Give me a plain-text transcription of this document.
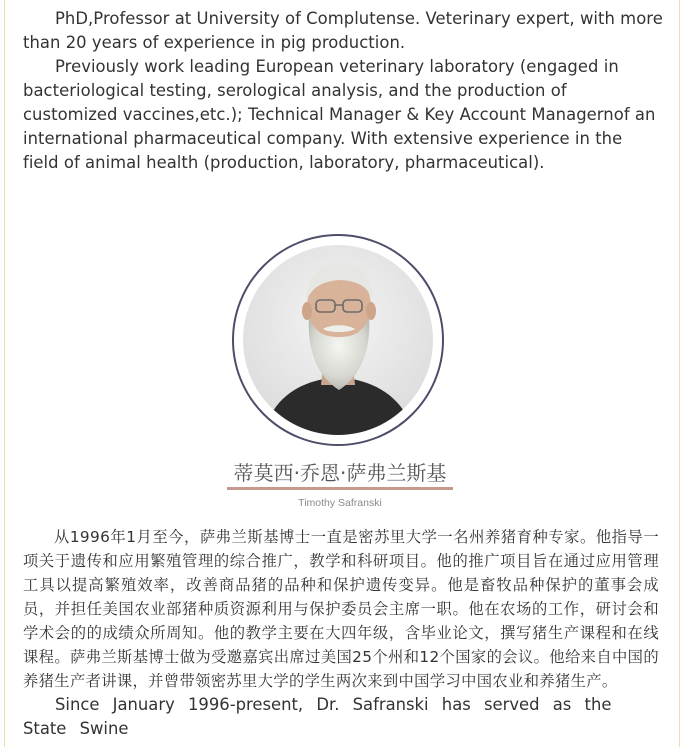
PhD,Professor at University of Complutense. Veterinary expert, with more than 20 years of experience in pig production.

Previously work leading European veterinary laboratory (engaged in bacteriological testing, serological analysis, and the production of customized vaccines,etc.); Technical Manager & Key Account Managernof an international pharmaceutical company. With extensive experience in the field of animal health (production, laboratory, pharmaceutical).

蒂莫西·乔恩·萨弗兰斯基
Timothy Safranski

从1996年1月至今，萨弗兰斯基博士一直是密苏里大学一名州养猪育种专家。他指导一项关于遗传和应用繁殖管理的综合推广，教学和科研项目。他的推广项目旨在通过应用管理工具以提高繁殖效率，改善商品猪的品种和保护遗传变异。他是畜牧品种保护的董事会成员，并担任美国农业部猪种质资源利用与保护委员会主席一职。他在农场的工作，研讨会和学术会的的成绩众所周知。他的教学主要在大四年级，含毕业论文，撰写猪生产课程和在线课程。萨弗兰斯基博士做为受邀嘉宾出席过美国25个州和12个国家的会议。他给来自中国的养猪生产者讲课，并曾带领密苏里大学的学生两次来到中国学习中国农业和养猪生产。

Since January 1996-present, Dr. Safranski has served as the State Swine
